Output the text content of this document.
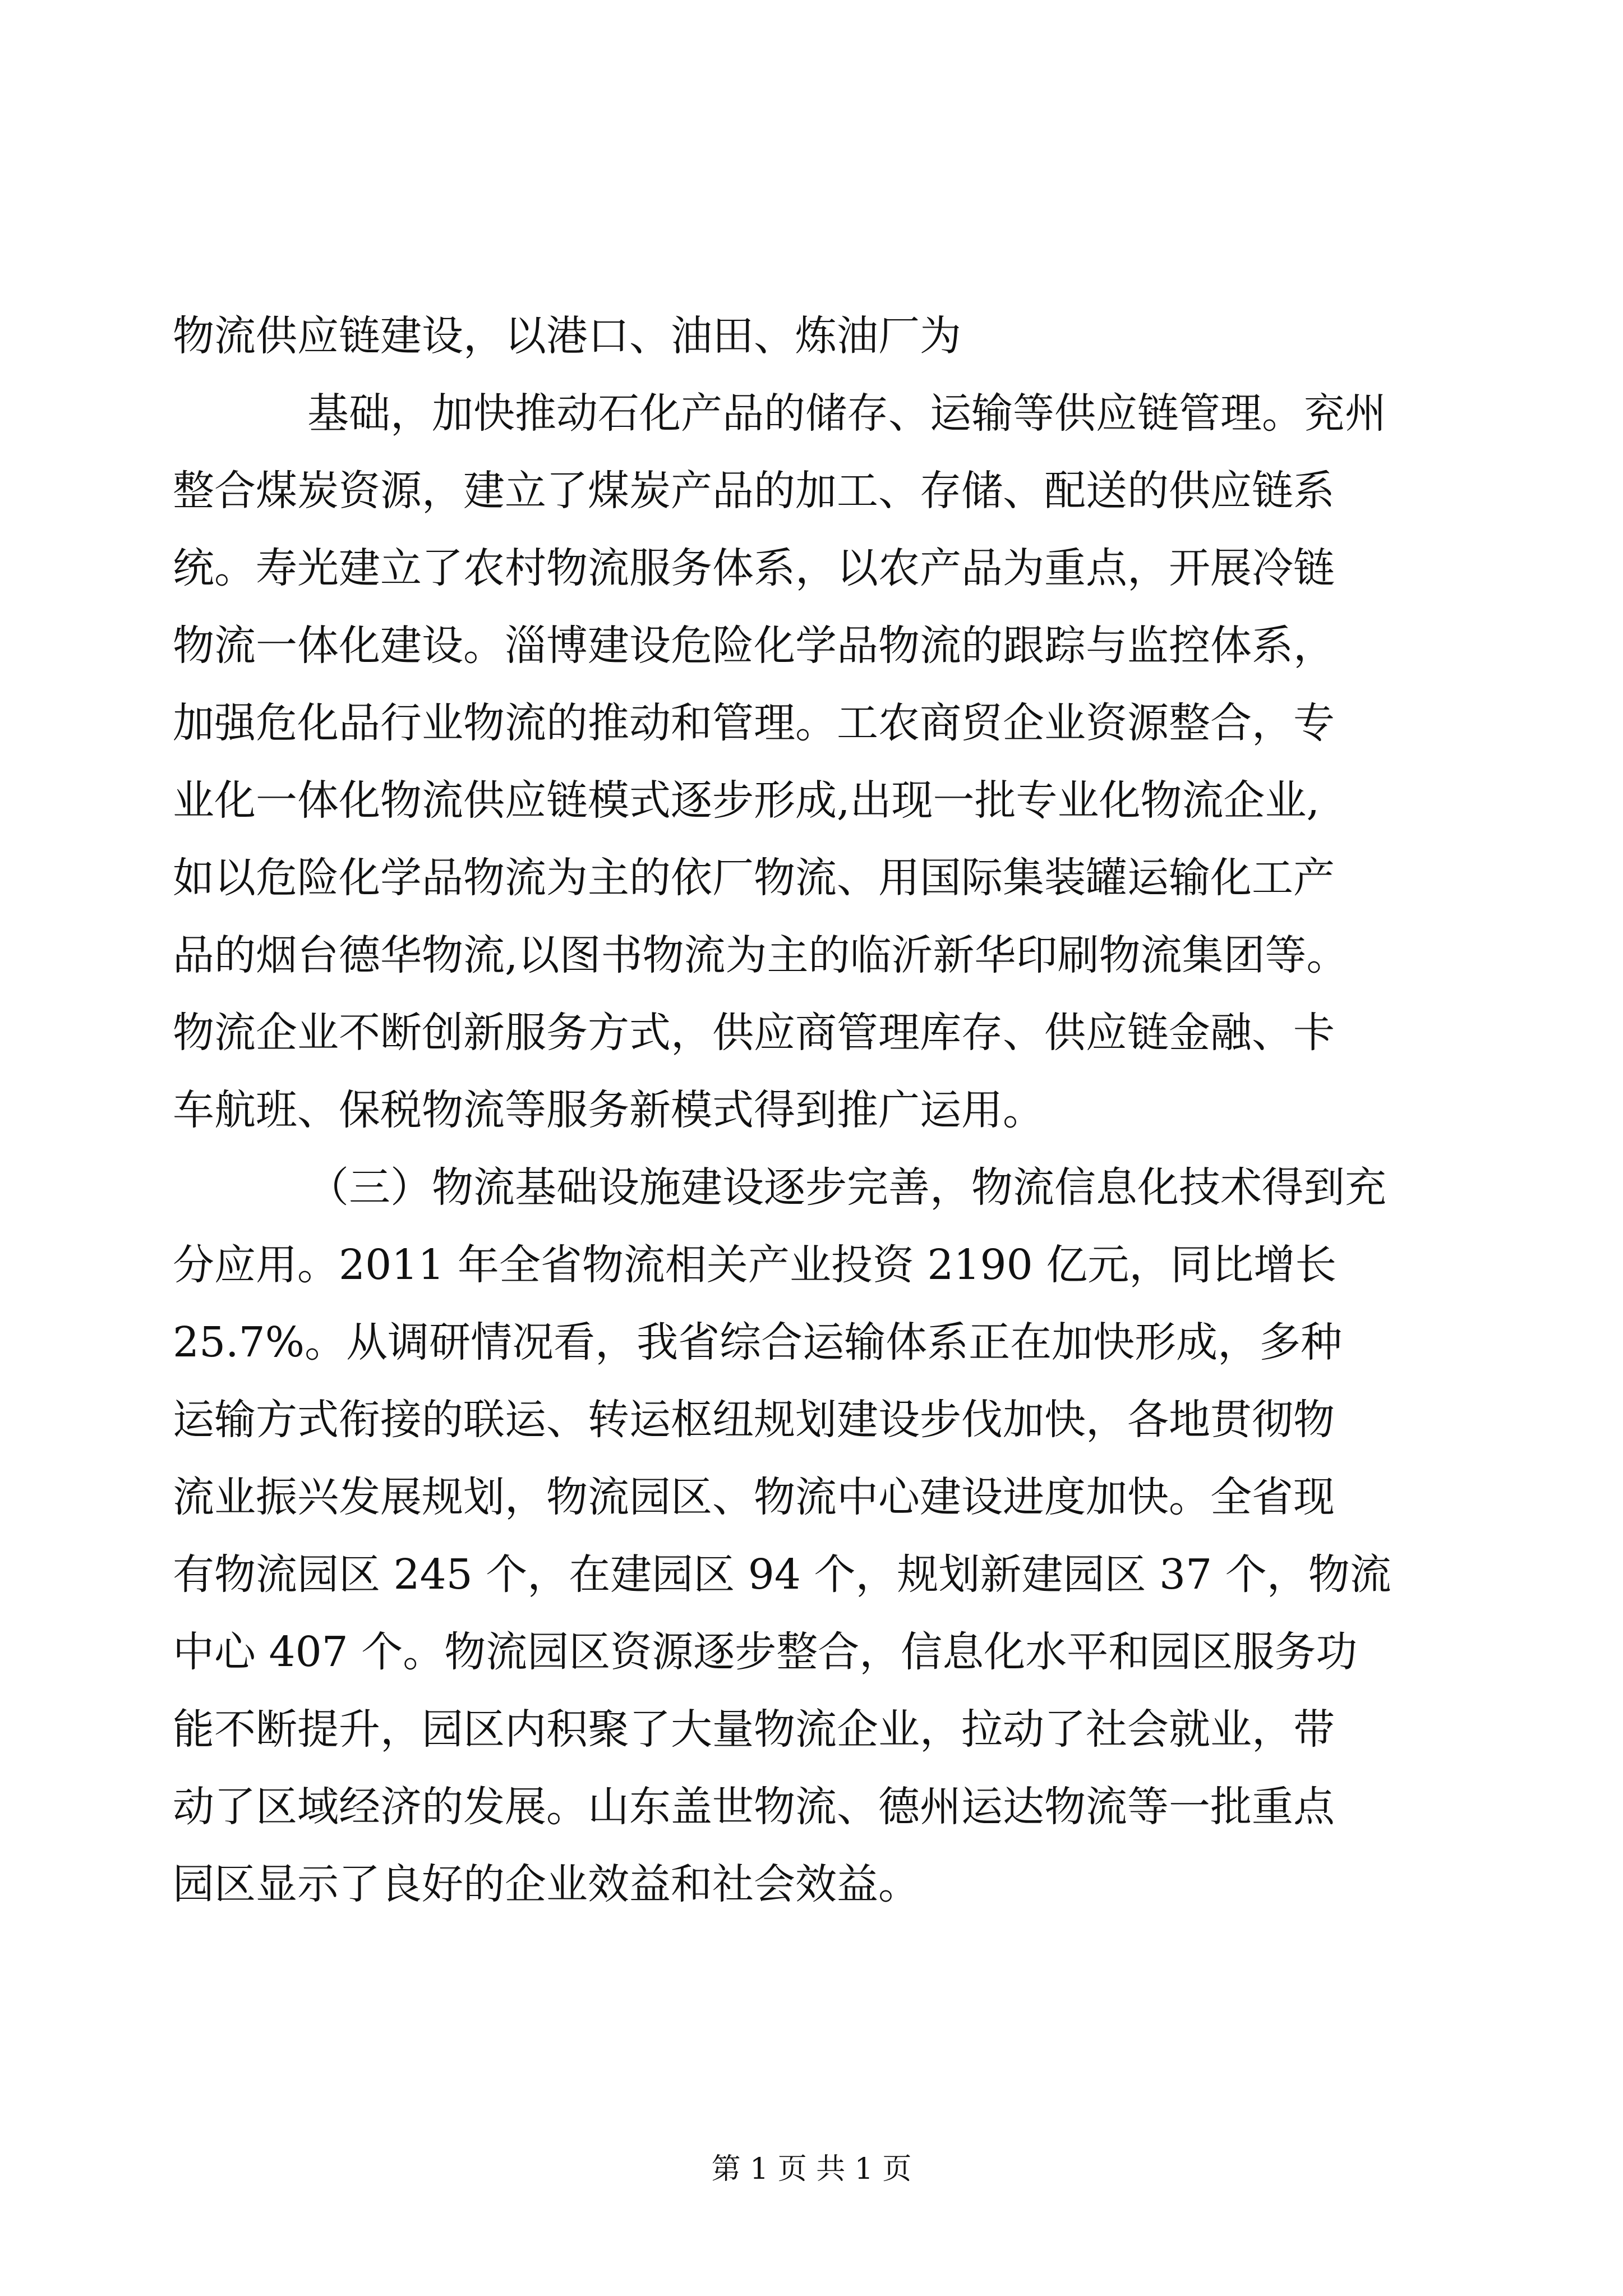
物流供应链建设，以港口、油田、炼油厂为

基础，加快推动石化产品的储存、运输等供应链管理。兖州

整合煤炭资源，建立了煤炭产品的加工、存储、配送的供应链系

统。寿光建立了农村物流服务体系，以农产品为重点，开展冷链

物流一体化建设。淄博建设危险化学品物流的跟踪与监控体系，

加强危化品行业物流的推动和管理。工农商贸企业资源整合，专

业化一体化物流供应链模式逐步形成,出现一批专业化物流企业,

如以危险化学品物流为主的依厂物流、用国际集装罐运输化工产

品的烟台德华物流,以图书物流为主的临沂新华印刷物流集团等。

物流企业不断创新服务方式，供应商管理库存、供应链金融、卡

车航班、保税物流等服务新模式得到推广运用。

（三）物流基础设施建设逐步完善，物流信息化技术得到充

分应用。2011 年全省物流相关产业投资 2190 亿元，同比增长

25.7%。从调研情况看，我省综合运输体系正在加快形成，多种

运输方式衔接的联运、转运枢纽规划建设步伐加快，各地贯彻物

流业振兴发展规划，物流园区、物流中心建设进度加快。全省现

有物流园区 245 个，在建园区 94 个，规划新建园区 37 个，物流

中心 407 个。物流园区资源逐步整合，信息化水平和园区服务功

能不断提升，园区内积聚了大量物流企业，拉动了社会就业，带

动了区域经济的发展。山东盖世物流、德州运达物流等一批重点

园区显示了良好的企业效益和社会效益。

第 1 页 共 1 页
